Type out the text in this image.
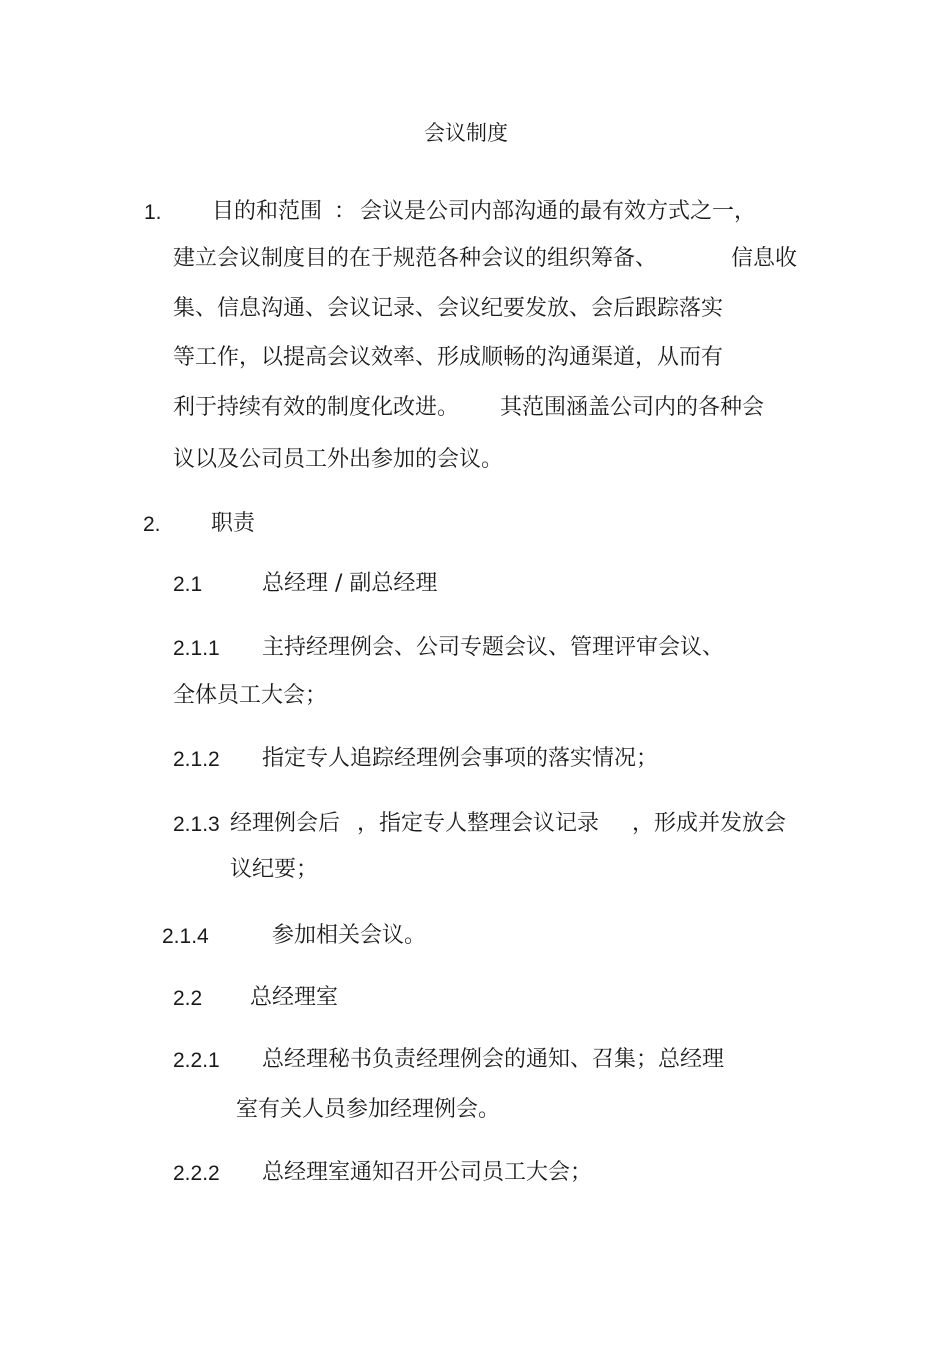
会议制度
1. 目的和范围 ： 会议是公司内部沟通的最有效方式之一，
建立会议制度目的在于规范各种会议的组织筹备、	信息收
集、信息沟通、会议记录、会议纪要发放、会后跟踪落实
等工作，以提高会议效率、形成顺畅的沟通渠道，从而有
利于持续有效的制度化改进。 其范围涵盖公司内的各种会
议以及公司员工外出参加的会议。
2. 职责
2.1	总经理 / 副总经理
2.1.1 主持经理例会、公司专题会议、管理评审会议、
全体员工大会；
2.1.2 指定专人追踪经理例会事项的落实情况；
2.1.3 经理例会后 ，指定专人整理会议记录 ，形成并发放会
议纪要；
2.1.4	参加相关会议。
2.2 总经理室
2.2.1 总经理秘书负责经理例会的通知、召集；总经理
室有关人员参加经理例会。
2.2.2 总经理室通知召开公司员工大会；
